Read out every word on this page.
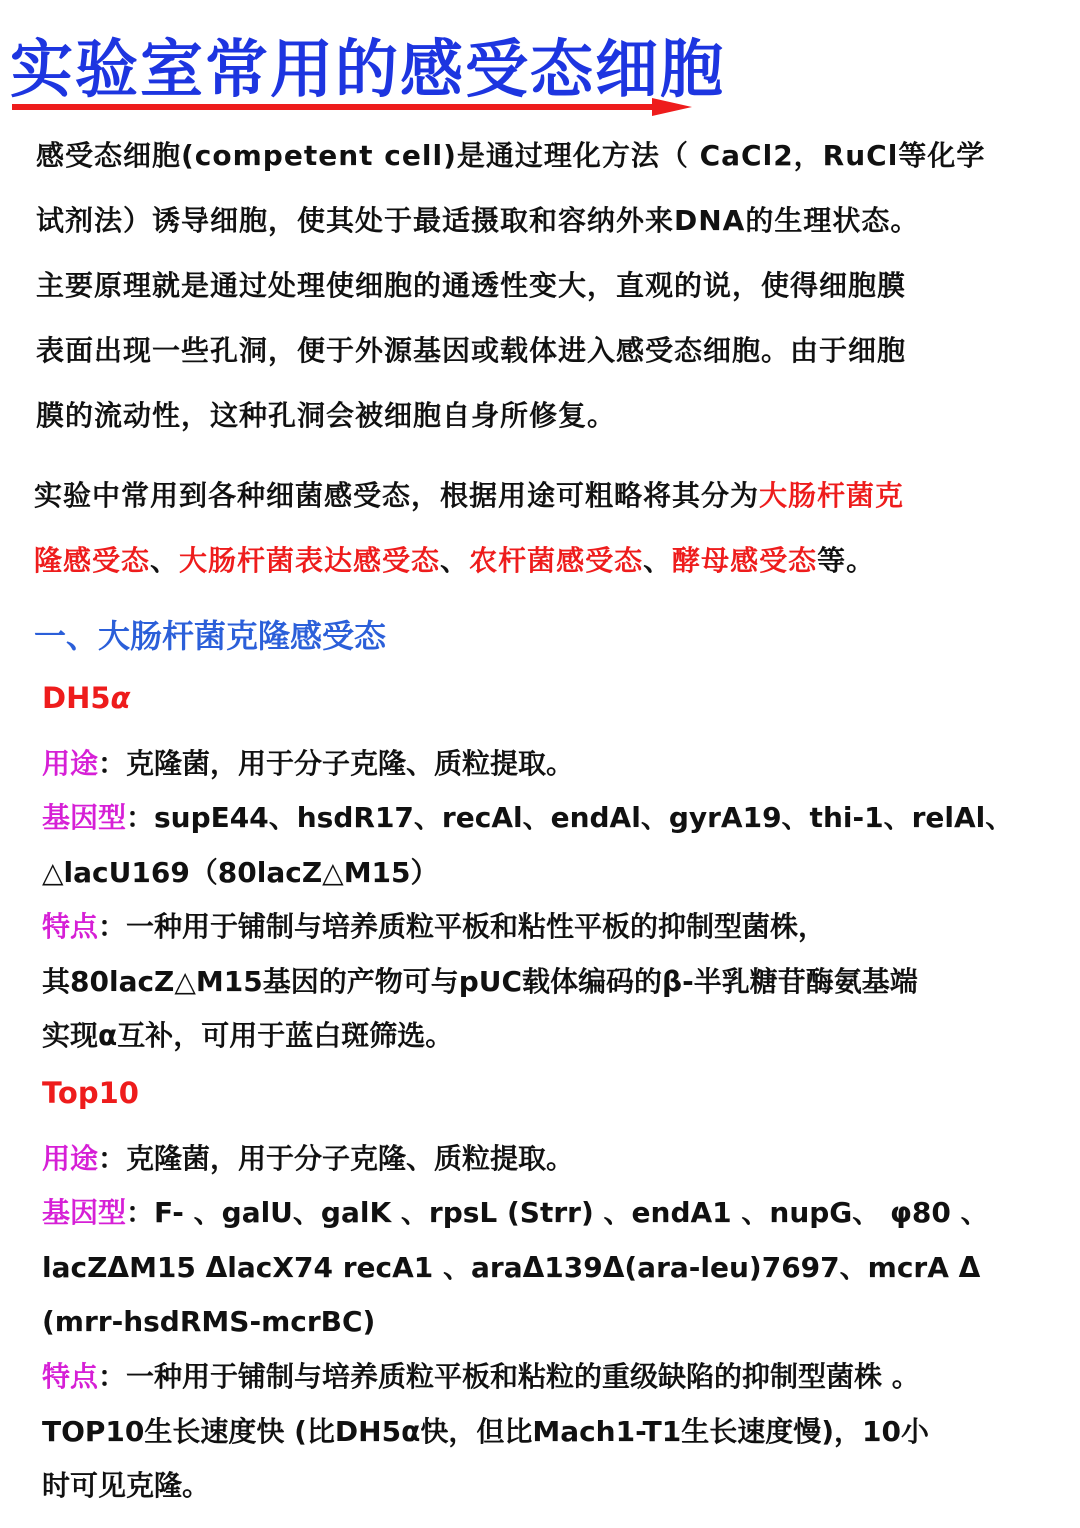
实验室常用的感受态细胞
感受态细胞(competent cell)是通过理化方法（ CaCl2，RuCl等化学
试剂法）诱导细胞，使其处于最适摄取和容纳外来DNA的生理状态。
主要原理就是通过处理使细胞的通透性变大，直观的说，使得细胞膜
表面出现一些孔洞，便于外源基因或载体进入感受态细胞。由于细胞
膜的流动性，这种孔洞会被细胞自身所修复。
实验中常用到各种细菌感受态，根据用途可粗略将其分为大肠杆菌克
隆感受态、大肠杆菌表达感受态、农杆菌感受态、酵母感受态等。
一、大肠杆菌克隆感受态
DH5α
用途：克隆菌，用于分子克隆、质粒提取。
基因型：supE44、hsdR17、recAl、endAl、gyrA19、thi-1、relAl、
△lacU169（80lacZ△M15）
特点：一种用于铺制与培养质粒平板和粘性平板的抑制型菌株，
其80lacZ△M15基因的产物可与pUC载体编码的β-半乳糖苷酶氨基端
实现α互补，可用于蓝白斑筛选。
Top10
用途：克隆菌，用于分子克隆、质粒提取。
基因型：F- 、galU、galK 、rpsL (Strr) 、endA1 、nupG、 φ80 、
lacZΔM15 ΔlacX74 recA1 、araΔ139Δ(ara-leu)7697、mcrA Δ
(mrr-hsdRMS-mcrBC)
特点：一种用于铺制与培养质粒平板和粘粒的重级缺陷的抑制型菌株 。
TOP10生长速度快 (比DH5α快，但比Mach1-T1生长速度慢)，10小
时可见克隆。
